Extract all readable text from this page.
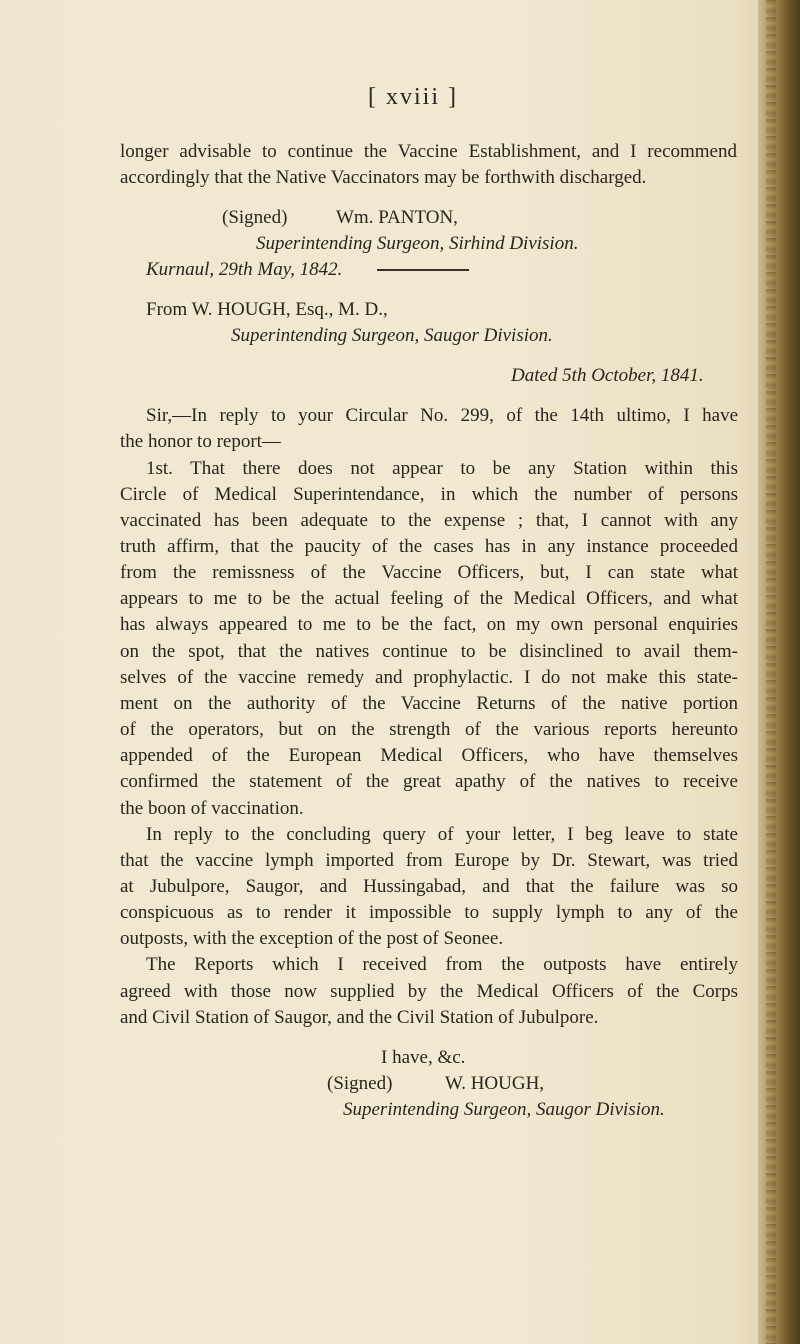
[ xviii ]
longer advisable to continue the Vaccine Establishment, and I recommend
accordingly that the Native Vaccinators may be forthwith discharged.
(Signed)	Wm. PANTON,
Superintending Surgeon, Sirhind Division.
Kurnaul, 29th May, 1842.
From W. HOUGH, Esq., M. D.,
Superintending Surgeon, Saugor Division.
Dated 5th October, 1841.
Sir,—In reply to your Circular No. 299, of the 14th ultimo, I have
the honor to report—
1st. That there does not appear to be any Station within this
Circle of Medical Superintendance, in which the number of persons
vaccinated has been adequate to the expense ; that, I cannot with any
truth affirm, that the paucity of the cases has in any instance proceeded
from the remissness of the Vaccine Officers, but, I can state what
appears to me to be the actual feeling of the Medical Officers, and what
has always appeared to me to be the fact, on my own personal enquiries
on the spot, that the natives continue to be disinclined to avail them-
selves of the vaccine remedy and prophylactic. I do not make this state-
ment on the authority of the Vaccine Returns of the native portion
of the operators, but on the strength of the various reports hereunto
appended of the European Medical Officers, who have themselves
confirmed the statement of the great apathy of the natives to receive
the boon of vaccination.
In reply to the concluding query of your letter, I beg leave to state
that the vaccine lymph imported from Europe by Dr. Stewart, was tried
at Jubulpore, Saugor, and Hussingabad, and that the failure was so
conspicuous as to render it impossible to supply lymph to any of the
outposts, with the exception of the post of Seonee.
The Reports which I received from the outposts have entirely
agreed with those now supplied by the Medical Officers of the Corps
and Civil Station of Saugor, and the Civil Station of Jubulpore.
I have, &c.
(Signed)	W. HOUGH,
Superintending Surgeon, Saugor Division.
